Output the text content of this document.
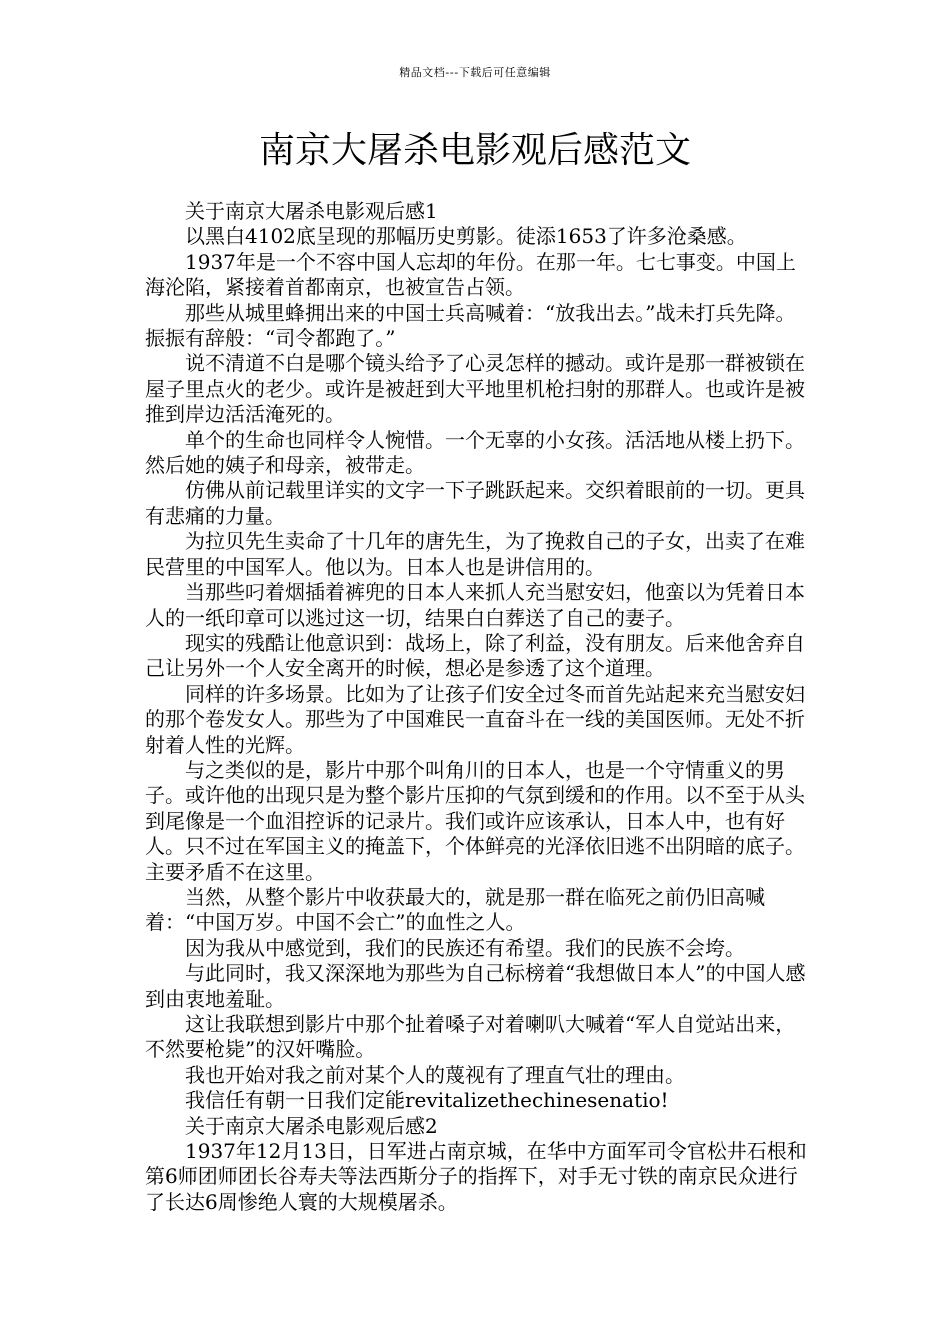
精品文档---下载后可任意编辑
南京大屠杀电影观后感范文

关于南京大屠杀电影观后感1

以黑白4102底呈现的那幅历史剪影。徒添1653了许多沧桑感。

1937年是一个不容中国人忘却的年份。在那一年。七七事变。中国上海沦陷，紧接着首都南京，也被宣告占领。

那些从城里蜂拥出来的中国士兵高喊着：“放我出去。”战未打兵先降。振振有辞般：“司令都跑了。”

说不清道不白是哪个镜头给予了心灵怎样的撼动。或许是那一群被锁在屋子里点火的老少。或许是被赶到大平地里机枪扫射的那群人。也或许是被推到岸边活活淹死的。

单个的生命也同样令人惋惜。一个无辜的小女孩。活活地从楼上扔下。然后她的姨子和母亲，被带走。

仿佛从前记载里详实的文字一下子跳跃起来。交织着眼前的一切。更具有悲痛的力量。

为拉贝先生卖命了十几年的唐先生，为了挽救自己的子女，出卖了在难民营里的中国军人。他以为。日本人也是讲信用的。

当那些叼着烟插着裤兜的日本人来抓人充当慰安妇，他蛮以为凭着日本人的一纸印章可以逃过这一切，结果白白葬送了自己的妻子。

现实的残酷让他意识到：战场上，除了利益，没有朋友。后来他舍弃自己让另外一个人安全离开的时候，想必是参透了这个道理。

同样的许多场景。比如为了让孩子们安全过冬而首先站起来充当慰安妇的那个卷发女人。那些为了中国难民一直奋斗在一线的美国医师。无处不折射着人性的光辉。

与之类似的是，影片中那个叫角川的日本人，也是一个守情重义的男子。或许他的出现只是为整个影片压抑的气氛到缓和的作用。以不至于从头到尾像是一个血泪控诉的记录片。我们或许应该承认，日本人中，也有好人。只不过在军国主义的掩盖下，个体鲜亮的光泽依旧逃不出阴暗的底子。主要矛盾不在这里。

当然，从整个影片中收获最大的，就是那一群在临死之前仍旧高喊着：“中国万岁。中国不会亡”的血性之人。

因为我从中感觉到，我们的民族还有希望。我们的民族不会垮。

与此同时，我又深深地为那些为自己标榜着“我想做日本人”的中国人感到由衷地羞耻。

这让我联想到影片中那个扯着嗓子对着喇叭大喊着“军人自觉站出来，不然要枪毙”的汉奸嘴脸。

我也开始对我之前对某个人的蔑视有了理直气壮的理由。

我信任有朝一日我们定能revitalizethechinesenatio!

关于南京大屠杀电影观后感2

1937年12月13日，日军进占南京城，在华中方面军司令官松井石根和第6师团师团长谷寿夫等法西斯分子的指挥下，对手无寸铁的南京民众进行了长达6周惨绝人寰的大规模屠杀。
